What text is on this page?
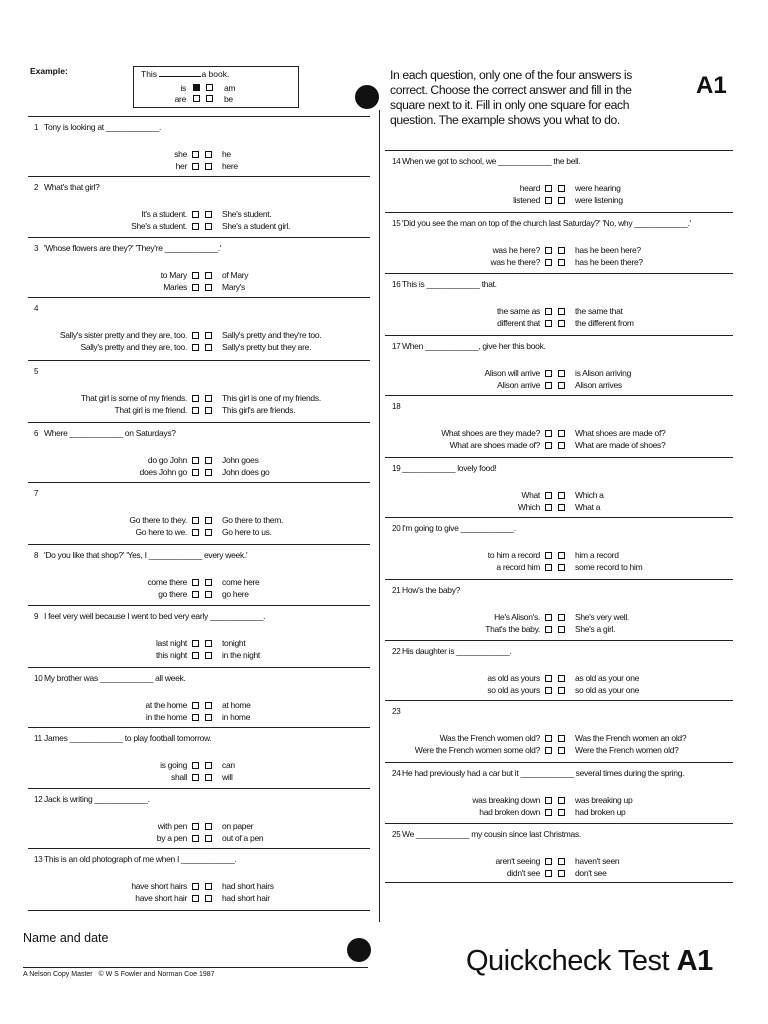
Example:	This	a book.
is	am
are	be
In each question, only one of the four answers is correct. Choose the correct answer and fill in the square next to it. Fill in only one square for each question. The example shows you what to do.
A1
1 Tony is looking at ____________.
she	he
her	here
2 What's that girl?
It's a student.	She's student.
She's a student.	She's a student girl.
3 'Whose flowers are they?' 'They're ____________.'
to Mary	of Mary
Maries	Mary's
4
Sally's sister pretty and they are, too.	Sally's pretty and they're too.
Sally's pretty and they are, too.	Sally's pretty but they are.
5
That girl is some of my friends.	This girl is one of my friends.
That girl is me friend.	This girl's are friends.
6 Where ____________ on Saturdays?
do go John	John goes
does John go	John does go
7
Go there to they.	Go there to them.
Go here to we.	Go here to us.
8 'Do you like that shop?' 'Yes, I ____________ every week.'
come there	come here
go there	go here
9 I feel very well because I went to bed very early ____________.
last night	tonight
this night	in the night
10 My brother was ____________ all week.
at the home	at home
in the home	in home
11 James ____________ to play football tomorrow.
is going	can
shall	will
12 Jack is writing ____________.
with pen	on paper
by a pen	out of a pen
13 This is an old photograph of me when I ____________.
have short hairs	had short hairs
have short hair	had short hair
14 When we got to school, we ____________ the bell.
heard	were hearing
listened	were listening
15 'Did you see the man on top of the church last Saturday?' 'No, why ____________.'
was he here?	has he been here?
was he there?	has he been there?
16 This is ____________ that.
the same as	the same that
different that	the different from
17 When ____________, give her this book.
Alison will arrive	is Alison arriving
Alison arrive	Alison arrives
18
What shoes are they made?	What shoes are made of?
What are shoes made of?	What are made of shoes?
19 ____________ lovely food!
What	Which a
Which	What a
20 I'm going to give ____________.
to him a record	him a record
a record him	some record to him
21 How's the baby?
He's Alison's.	She's very well.
That's the baby.	She's a girl.
22 His daughter is ____________.
as old as yours	as old as your one
so old as yours	so old as your one
23
Was the French women old?	Was the French women an old?
Were the French women some old?	Were the French women old?
24 He had previously had a car but it ____________ several times during the spring.
was breaking down	was breaking up
had broken down	had broken up
25 We ____________ my cousin since last Christmas.
aren't seeing	haven't seen
didn't see	don't see
Name and date
A Nelson Copy Master   © W S Fowler and Norman Coe 1987	Quickcheck Test A1
